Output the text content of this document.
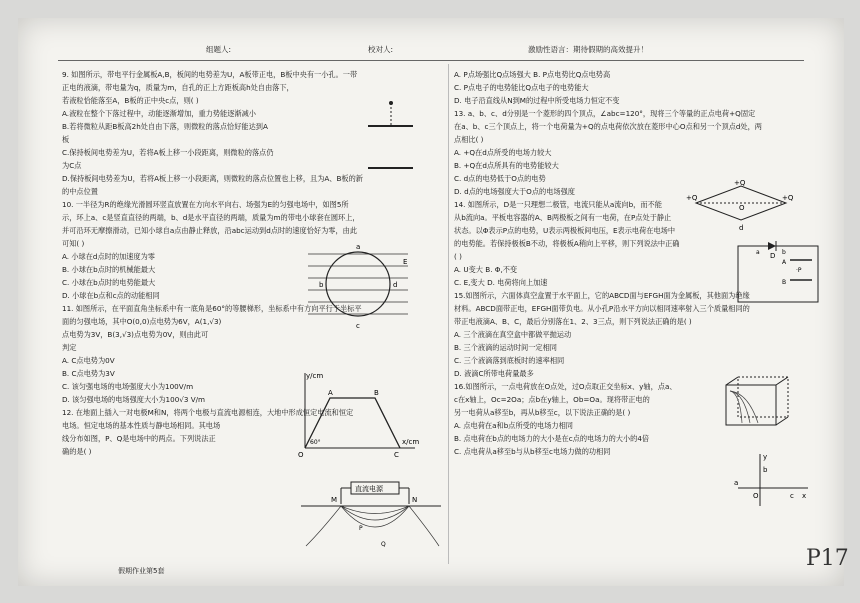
组题人:	校对人:	激励性语言：期待假期的高效提升！

9. 如图所示，带电平行金属板A,B，板间的电势差为U，A板带正电，B板中央有一小孔。一带

正电的液滴，带电量为q，质量为m，自孔的正上方距板高h处自由落下，

若液粒恰能落至A，B板的正中央c点，则( )

A.液粒在整个下落过程中，动能逐渐增加，重力势能逐渐减小

B.若将微粒从距B板高2h处自由下落，则微粒的落点恰好能达到A

板

C.保持板间电势差为U，若将A板上移一小段距离，则微粒的落点仍

为C点

D.保持板间电势差为U，若将A板上移一小段距离，则微粒的落点位置也上移，且为A、B板的新

的中点位置

10. 一半径为R的绝缘光滑圆环竖直放置在方向水平向右、场强为E的匀强电场中，如图5所

示，环上a、c是竖直直径的两端，b、d是水平直径的两端，质量为m的带电小球套在圆环上，

并可沿环无摩擦滑动，已知小球自a点由静止释放，沿abc运动到d点时的速度恰好为零，由此

可知( )

A. 小球在d点时的加速度为零

B. 小球在b点时的机械能最大

C. 小球在b点时的电势能最大

D. 小球在b点和c点的动能相同

11. 如图所示，在平面直角坐标系中有一底角是60°的等腰梯形，坐标系中有方向平行于坐标平

面的匀强电场，其中O(0,0)点电势为6V，A(1,√3)

点电势为3V，B(3,√3)点电势为0V，则由此可

判定

A. C点电势为0V

B. C点电势为3V

C. 该匀强电场的电场强度大小为100V/m

D. 该匀强电场的电场强度大小为100√3 V/m

12. 在地面上插入一对电极M和N，将两个电极与直流电源相连，大地中形成恒定电流和恒定

电场。恒定电场的基本性质与静电场相同。其电场

线分布如图，P、Q是电场中的两点。下列说法正

确的是( )

A. P点场强比Q点场强大 B. P点电势比Q点电势高

C. P点电子的电势能比Q点电子的电势能大

D. 电子沿直线从N到M的过程中所受电场力恒定不变

13. a、b、c、d分别是一个菱形的四个顶点，∠abc=120°，现将三个等量的正点电荷+Q固定

在a、b、c三个顶点上，将一个电荷量为+Q的点电荷依次放在菱形中心O点和另一个顶点d处，两

点相比( )

A. +Q在d点所受的电场力较大

B. +Q在d点所具有的电势能较大

C. d点的电势低于O点的电势

D. d点的电场强度大于O点的电场强度

14. 如图所示，D是一只理想二极管，电流只能从a流向b，而不能

从b流向a。平板电容器的A、B两极板之间有一电荷，在P点处于静止

状态。以Φ表示P点的电势，U表示两极板间电压，E表示电荷在电场中

的电势能。若保持极板B不动，将极板A稍向上平移，则下列说法中正确

( )

A. U变大 B. Φ,不变

C. E,变大 D. 电荷将向上加速

15.如图所示，六面体真空盒置于水平面上，它的ABCD面与EFGH面为金属板，其他面为绝缘

材料。ABCD面带正电，EFGH面带负电。从小孔P沿水平方向以相同速率射入三个质量相同的

带正电液滴A、B、C，最后分别落在1、2、3三点，则下列说法正确的是( )

A. 三个液滴在真空盒中都做平抛运动

B. 三个液滴的运动时间一定相同

C. 三个液滴落到底板时的速率相同

D. 液滴C所带电荷量最多

16.如图所示，一点电荷放在O点处，过O点取正交坐标x、y轴，点a、

c在x轴上，Oc=2Oa；点b在y轴上，Ob=Oa。现将带正电的

另一电荷从a移至b，再从b移至c，以下说法正确的是( )

A. 点电荷在a和b点所受的电场力相同

B. 点电荷在b点的电场力的大小是在c点的电场力的大小的4倍

C. 点电荷从a移至b与从b移至c电场力做的功相同

a
b
c
d
E
y/cm
A	B
C
x/cm
O
60°
直流电源
M	N
P
Q
+Q
+Q
+Q
O
d
D
a	b
A
B
·P
y
b
a
O	c x
假期作业第5套	P17
